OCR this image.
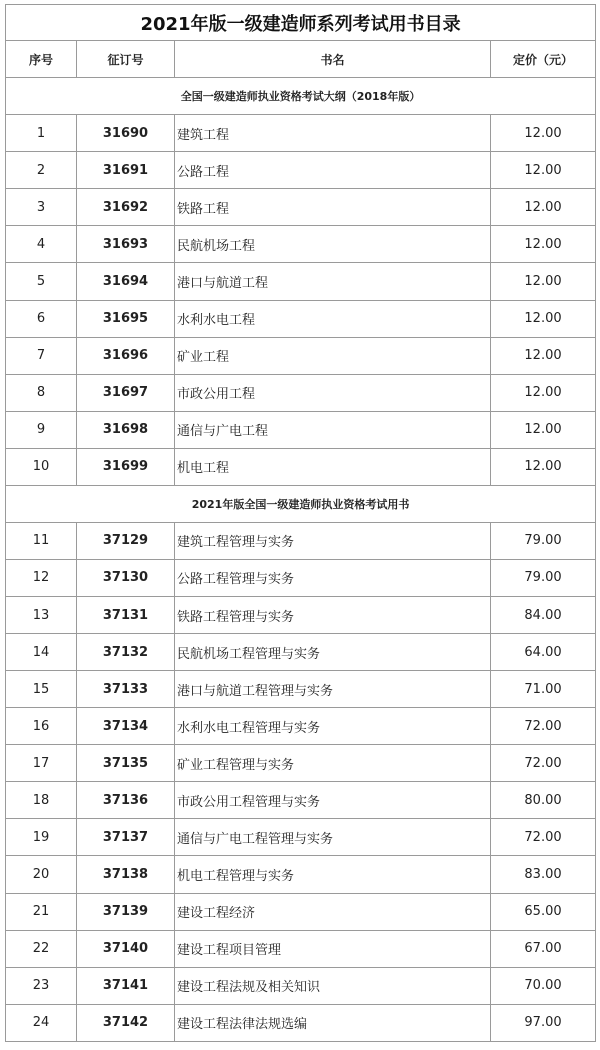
2021年版一级建造师系列考试用书目录			
序号	征订号	书名	定价（元）
全国一级建造师执业资格考试大纲（2018年版）			
1	31690	建筑工程	12.00
2	31691	公路工程	12.00
3	31692	铁路工程	12.00
4	31693	民航机场工程	12.00
5	31694	港口与航道工程	12.00
6	31695	水利水电工程	12.00
7	31696	矿业工程	12.00
8	31697	市政公用工程	12.00
9	31698	通信与广电工程	12.00
10	31699	机电工程	12.00
2021年版全国一级建造师执业资格考试用书			
11	37129	建筑工程管理与实务	79.00
12	37130	公路工程管理与实务	79.00
13	37131	铁路工程管理与实务	84.00
14	37132	民航机场工程管理与实务	64.00
15	37133	港口与航道工程管理与实务	71.00
16	37134	水利水电工程管理与实务	72.00
17	37135	矿业工程管理与实务	72.00
18	37136	市政公用工程管理与实务	80.00
19	37137	通信与广电工程管理与实务	72.00
20	37138	机电工程管理与实务	83.00
21	37139	建设工程经济	65.00
22	37140	建设工程项目管理	67.00
23	37141	建设工程法规及相关知识	70.00
24	37142	建设工程法律法规选编	97.00
